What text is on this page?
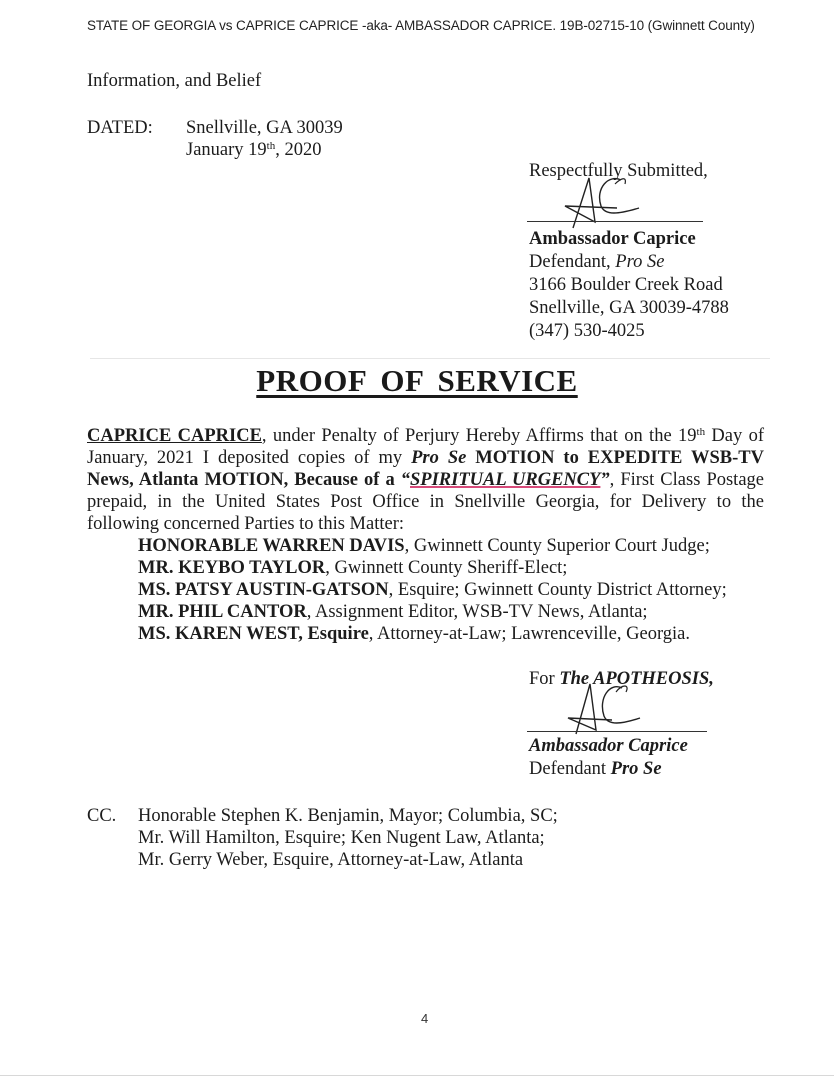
STATE OF GEORGIA vs CAPRICE CAPRICE -aka- AMBASSADOR CAPRICE. 19B-02715-10 (Gwinnett County)
Information, and Belief
DATED: Snellville, GA 30039
January 19th, 2020
Respectfully Submitted,
Ambassador Caprice
Defendant, Pro Se
3166 Boulder Creek Road
Snellville, GA 30039-4788
(347) 530-4025
PROOF OF SERVICE
CAPRICE CAPRICE, under Penalty of Perjury Hereby Affirms that on the 19th Day of
January, 2021 I deposited copies of my Pro Se MOTION to EXPEDITE WSB-TV
News, Atlanta MOTION, Because of a “SPIRITUAL URGENCY”, First Class Postage
prepaid, in the United States Post Office in Snellville Georgia, for Delivery to the
following concerned Parties to this Matter:
HONORABLE WARREN DAVIS, Gwinnett County Superior Court Judge;
MR. KEYBO TAYLOR, Gwinnett County Sheriff-Elect;
MS. PATSY AUSTIN-GATSON, Esquire; Gwinnett County District Attorney;
MR. PHIL CANTOR, Assignment Editor, WSB-TV News, Atlanta;
MS. KAREN WEST, Esquire, Attorney-at-Law; Lawrenceville, Georgia.
For The APOTHEOSIS,
Ambassador Caprice
Defendant Pro Se
CC. Honorable Stephen K. Benjamin, Mayor; Columbia, SC;
Mr. Will Hamilton, Esquire; Ken Nugent Law, Atlanta;
Mr. Gerry Weber, Esquire, Attorney-at-Law, Atlanta
4
